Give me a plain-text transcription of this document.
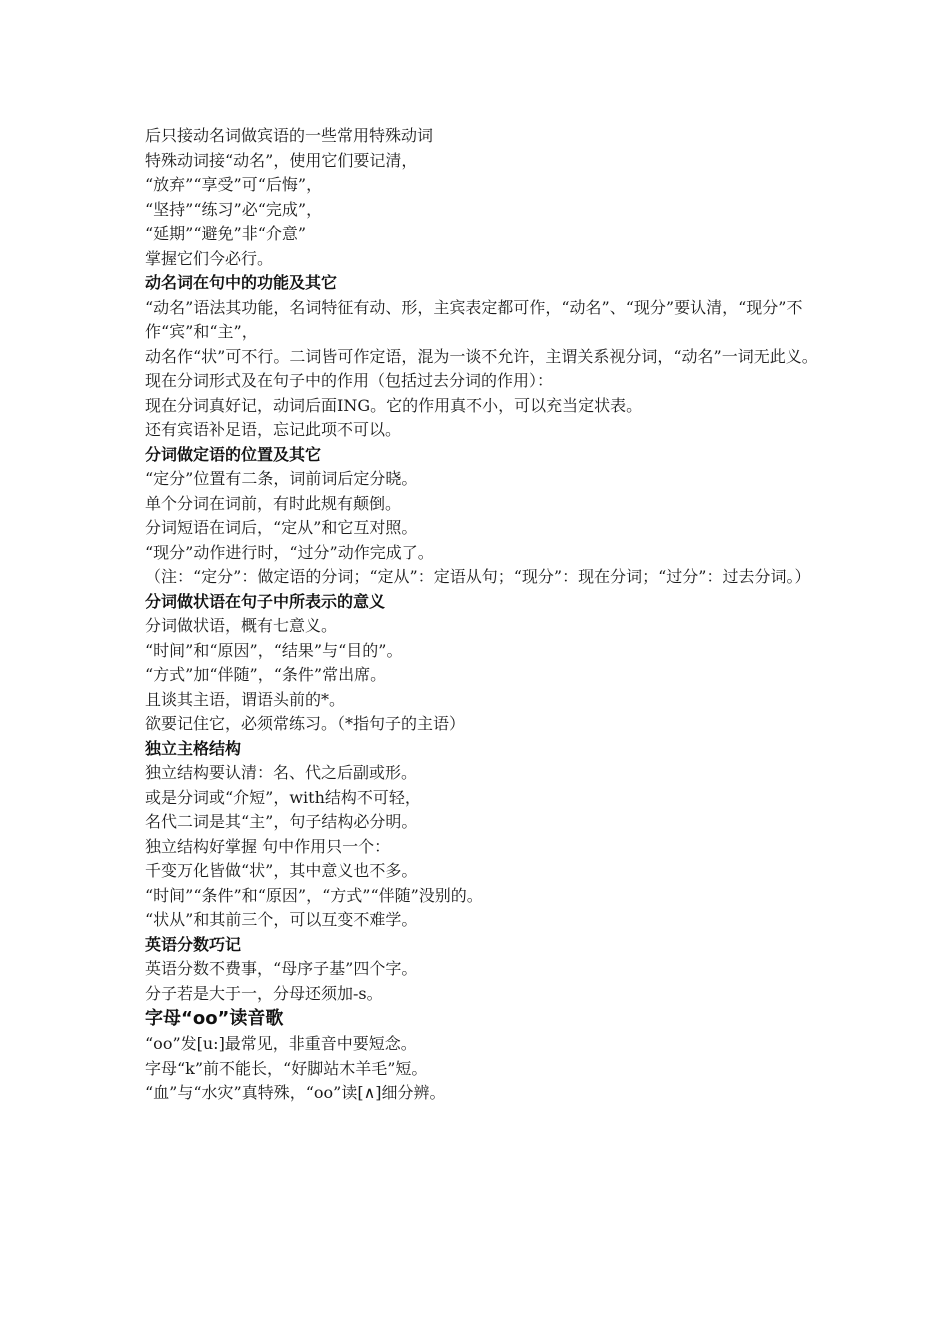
后只接动名词做宾语的一些常用特殊动词

特殊动词接“动名”，使用它们要记清，

“放弃”“享受”可“后悔”，

“坚持”“练习”必“完成”，

“延期”“避免”非“介意”

掌握它们今必行。

动名词在句中的功能及其它

“动名”语法其功能，名词特征有动、形，主宾表定都可作，“动名”、“现分”要认清，“现分”不作“宾”和“主”，

动名作“状”可不行。二词皆可作定语，混为一谈不允许，主谓关系视分词，“动名”一词无此义。

现在分词形式及在句子中的作用（包括过去分词的作用）：

现在分词真好记，动词后面ING。它的作用真不小，可以充当定状表。

还有宾语补足语，忘记此项不可以。

分词做定语的位置及其它

“定分”位置有二条，词前词后定分晓。

单个分词在词前，有时此规有颠倒。

分词短语在词后，“定从”和它互对照。

“现分”动作进行时，“过分”动作完成了。

（注：“定分”：做定语的分词；“定从”：定语从句；“现分”：现在分词；“过分”：过去分词。）

分词做状语在句子中所表示的意义

分词做状语，概有七意义。

“时间”和“原因”，“结果”与“目的”。

“方式”加“伴随”，“条件”常出席。

且谈其主语，谓语头前的*。

欲要记住它，必须常练习。（*指句子的主语）

独立主格结构

独立结构要认清：名、代之后副或形。

或是分词或“介短”，with结构不可轻，

名代二词是其“主”，句子结构必分明。

独立结构好掌握 句中作用只一个：

千变万化皆做“状”，其中意义也不多。

“时间”“条件”和“原因”，“方式”“伴随”没别的。

“状从”和其前三个，可以互变不难学。

英语分数巧记

英语分数不费事，“母序子基”四个字。

分子若是大于一，分母还须加-s。

字母“oo”读音歌

“oo”发[u:]最常见，非重音中要短念。

字母“k”前不能长，“好脚站木羊毛”短。

“血”与“水灾”真特殊，“oo”读[∧]细分辨。
